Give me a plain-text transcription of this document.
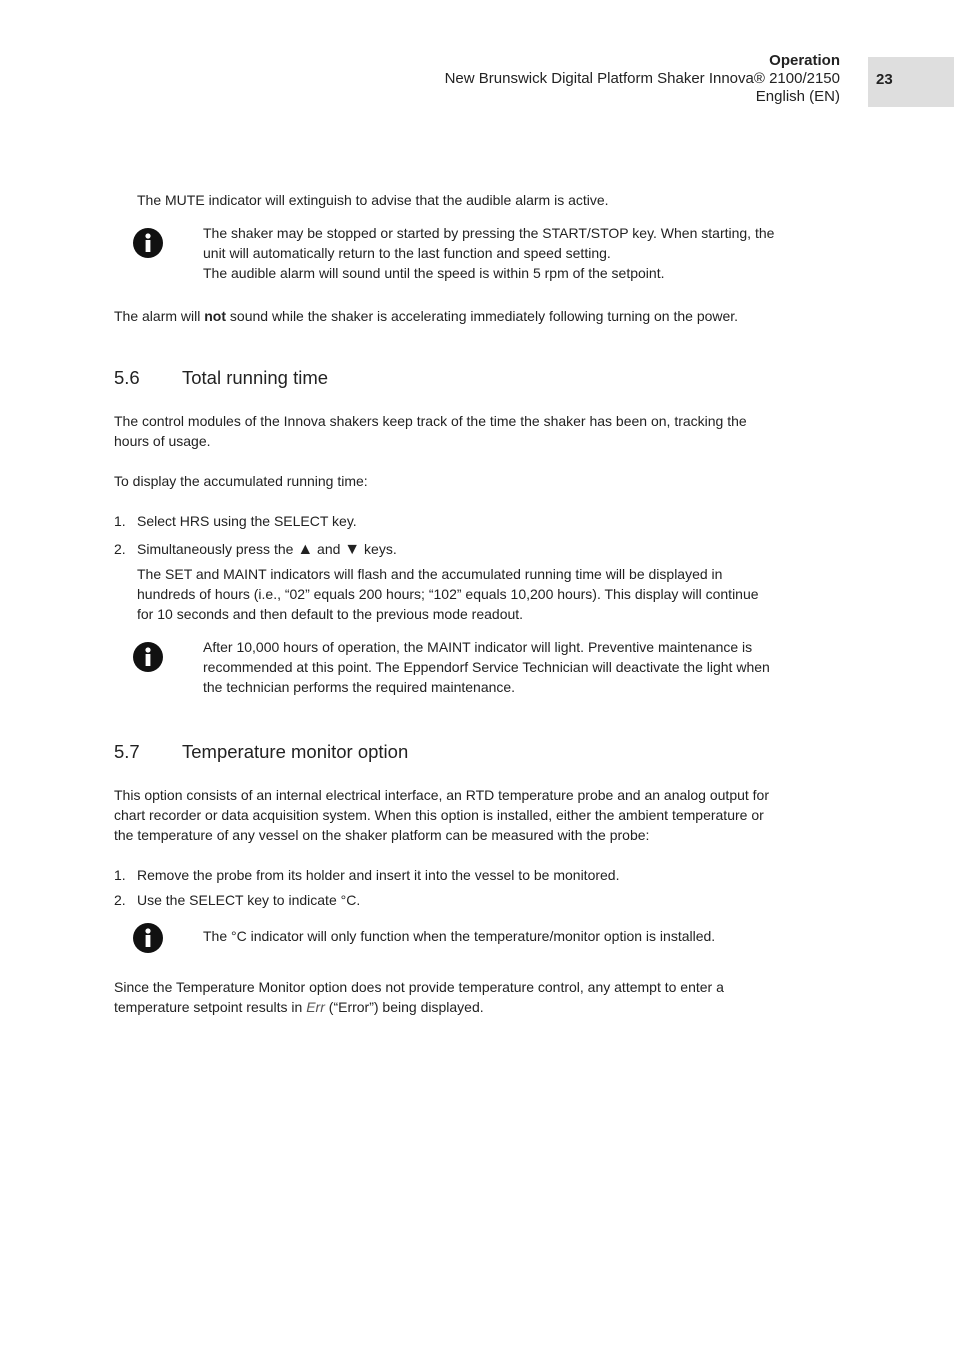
Operation
New Brunswick Digital Platform Shaker Innova® 2100/2150
English (EN)
23
The MUTE indicator will extinguish to advise that the audible alarm is active.
The shaker may be stopped or started by pressing the START/STOP key. When starting, the
unit will automatically return to the last function and speed setting.
The audible alarm will sound until the speed is within 5 rpm of the setpoint.
The alarm will not sound while the shaker is accelerating immediately following turning on the power.
5.6 Total running time
The control modules of the Innova shakers keep track of the time the shaker has been on, tracking the
hours of usage.
To display the accumulated running time:
1. Select HRS using the SELECT key.
2. Simultaneously press the ▲ and ▼ keys.
The SET and MAINT indicators will flash and the accumulated running time will be displayed in
hundreds of hours (i.e., “02” equals 200 hours; “102” equals 10,200 hours). This display will continue
for 10 seconds and then default to the previous mode readout.
After 10,000 hours of operation, the MAINT indicator will light. Preventive maintenance is
recommended at this point. The Eppendorf Service Technician will deactivate the light when
the technician performs the required maintenance.
5.7 Temperature monitor option
This option consists of an internal electrical interface, an RTD temperature probe and an analog output for
chart recorder or data acquisition system. When this option is installed, either the ambient temperature or
the temperature of any vessel on the shaker platform can be measured with the probe:
1. Remove the probe from its holder and insert it into the vessel to be monitored.
2. Use the SELECT key to indicate °C.
The °C indicator will only function when the temperature/monitor option is installed.
Since the Temperature Monitor option does not provide temperature control, any attempt to enter a
temperature setpoint results in Err (“Error”) being displayed.
